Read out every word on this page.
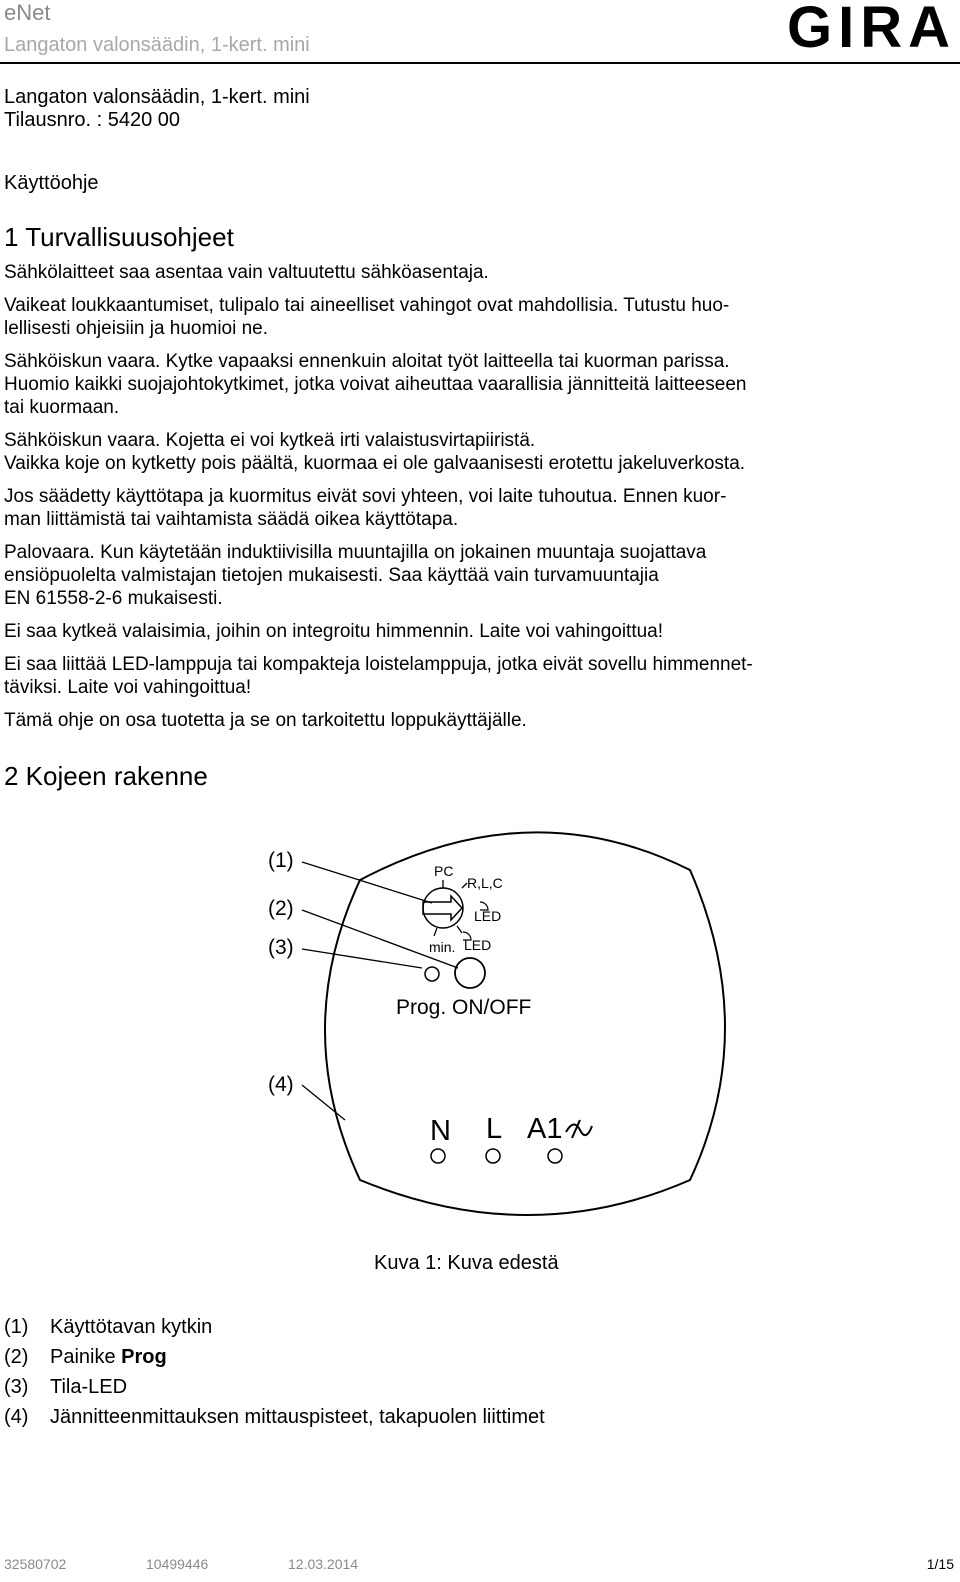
eNet
Langaton valonsäädin, 1-kert. mini	GIRA
Langaton valonsäädin, 1-kert. mini
Tilausnro. : 5420 00
Käyttöohje
1 Turvallisuusohjeet
Sähkölaitteet saa asentaa vain valtuutettu sähköasentaja.
Vaikeat loukkaantumiset, tulipalo tai aineelliset vahingot ovat mahdollisia. Tutustu huo-
lellisesti ohjeisiin ja huomioi ne.
Sähköiskun vaara. Kytke vapaaksi ennenkuin aloitat työt laitteella tai kuorman parissa.
Huomio kaikki suojajohtokytkimet, jotka voivat aiheuttaa vaarallisia jännitteitä laitteeseen
tai kuormaan.
Sähköiskun vaara. Kojetta ei voi kytkeä irti valaistusvirtapiiristä.
Vaikka koje on kytketty pois päältä, kuormaa ei ole galvaanisesti erotettu jakeluverkosta.
Jos säädetty käyttötapa ja kuormitus eivät sovi yhteen, voi laite tuhoutua. Ennen kuor-
man liittämistä tai vaihtamista säädä oikea käyttötapa.
Palovaara. Kun käytetään induktiivisilla muuntajilla on jokainen muuntaja suojattava
ensiöpuolelta valmistajan tietojen mukaisesti. Saa käyttää vain turvamuuntajia
EN 61558-2-6 mukaisesti.
Ei saa kytkeä valaisimia, joihin on integroitu himmennin. Laite voi vahingoittua!
Ei saa liittää LED-lamppuja tai kompakteja loistelamppuja, jotka eivät sovellu himmennet-
täviksi. Laite voi vahingoittua!
Tämä ohje on osa tuotetta ja se on tarkoitettu loppukäyttäjälle.
2 Kojeen rakenne
(1)
(2)
(3)
(4)
PC
R,L,C
LED
min. LED
Prog. ON/OFF
N L A1
Kuva 1: Kuva edestä
(1) Käyttötavan kytkin
(2) Painike Prog
(3) Tila-LED
(4) Jännitteenmittauksen mittauspisteet, takapuolen liittimet
32580702	10499446	12.03.2014	1/15
